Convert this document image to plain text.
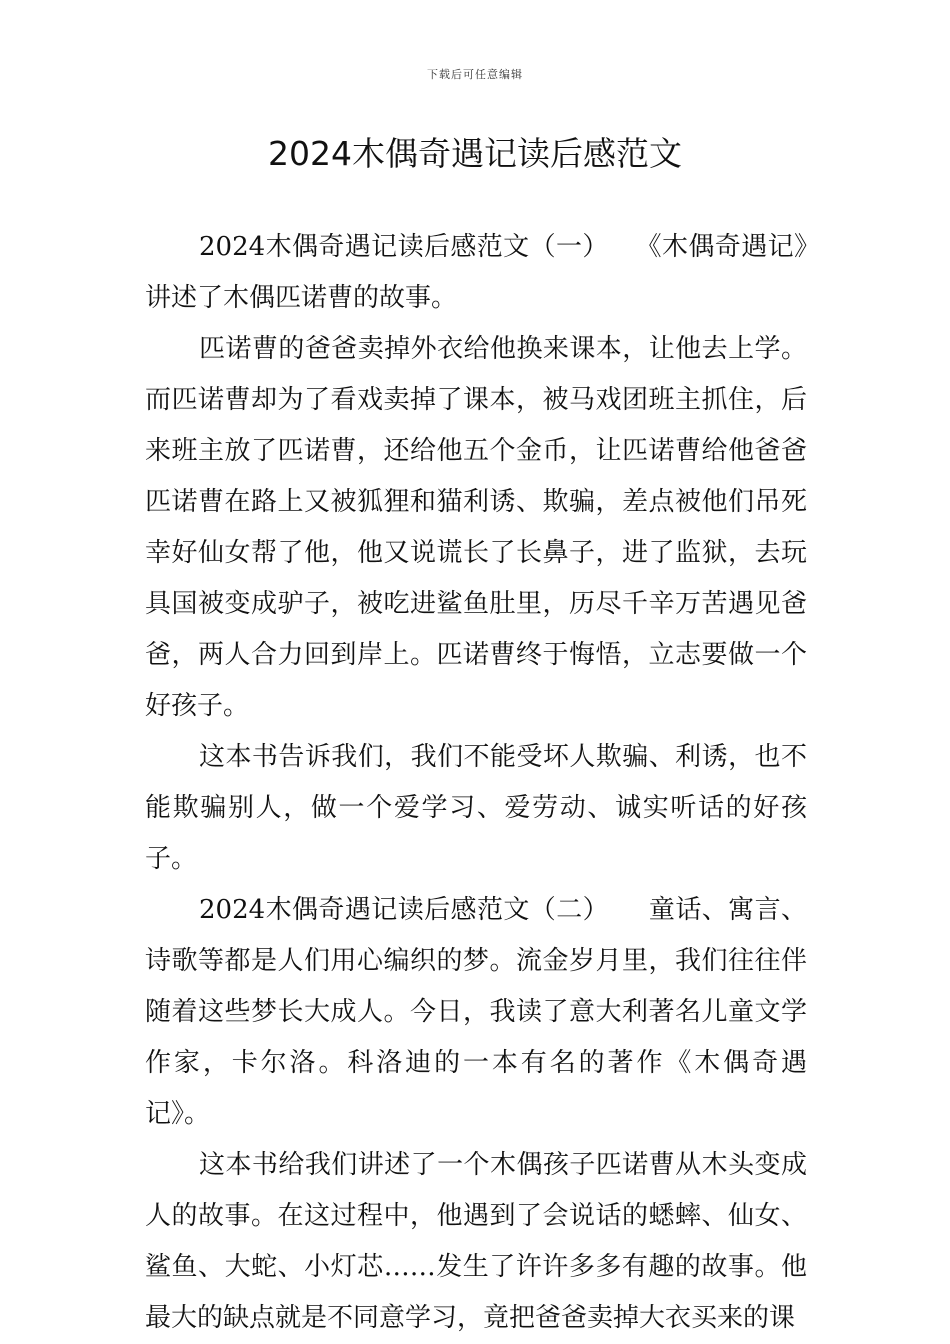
下载后可任意编辑
2024木偶奇遇记读后感范文

2024木偶奇遇记读后感范文（一）　　《木偶奇遇记》讲述了木偶匹诺曹的故事。

匹诺曹的爸爸卖掉外衣给他换来课本，让他去上学。而匹诺曹却为了看戏卖掉了课本，被马戏团班主抓住，后来班主放了匹诺曹，还给他五个金币，让匹诺曹给他爸爸匹诺曹在路上又被狐狸和猫利诱、欺骗，差点被他们吊死幸好仙女帮了他，他又说谎长了长鼻子，进了监狱，去玩具国被变成驴子，被吃进鲨鱼肚里，历尽千辛万苦遇见爸爸，两人合力回到岸上。匹诺曹终于悔悟，立志要做一个好孩子。

这本书告诉我们，我们不能受坏人欺骗、利诱，也不能欺骗别人，做一个爱学习、爱劳动、诚实听话的好孩子。

2024木偶奇遇记读后感范文（二）　　童话、寓言、诗歌等都是人们用心编织的梦。流金岁月里，我们往往伴随着这些梦长大成人。今日，我读了意大利著名儿童文学作家，卡尔洛。科洛迪的一本有名的著作《木偶奇遇记》。

这本书给我们讲述了一个木偶孩子匹诺曹从木头变成人的故事。在这过程中，他遇到了会说话的蟋蟀、仙女、鲨鱼、大蛇、小灯芯……发生了许许多多有趣的故事。他最大的缺点就是不同意学习，竟把爸爸卖掉大衣买来的课
